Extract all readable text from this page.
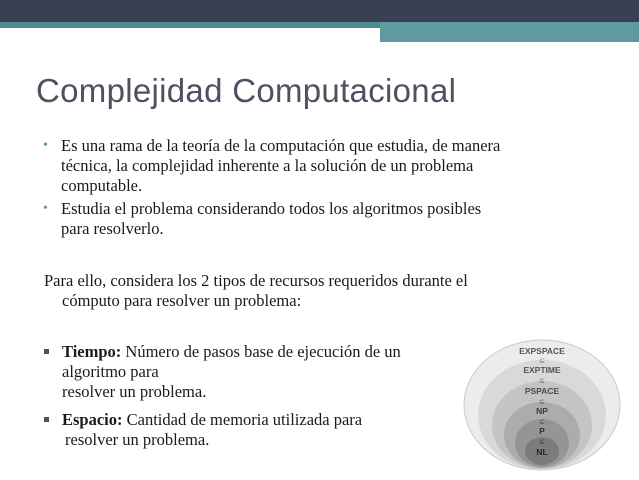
Complejidad Computacional
• Es una rama de la teoría de la computación que estudia, de manera
técnica, la complejidad inherente a la solución de un problema
computable.
• Estudia el problema considerando todos los algoritmos posibles
para resolverlo.

Para ello, considera los 2 tipos de recursos requeridos durante el
cómputo para resolver un problema:

Tiempo: Número de pasos base de ejecución de un algoritmo para
resolver un problema.
Espacio: Cantidad de memoria utilizada para
resolver un problema.
EXPSPACE
⊆
EXPTIME
⊆
PSPACE
⊆
NP
⊆
P
⊆
NL
